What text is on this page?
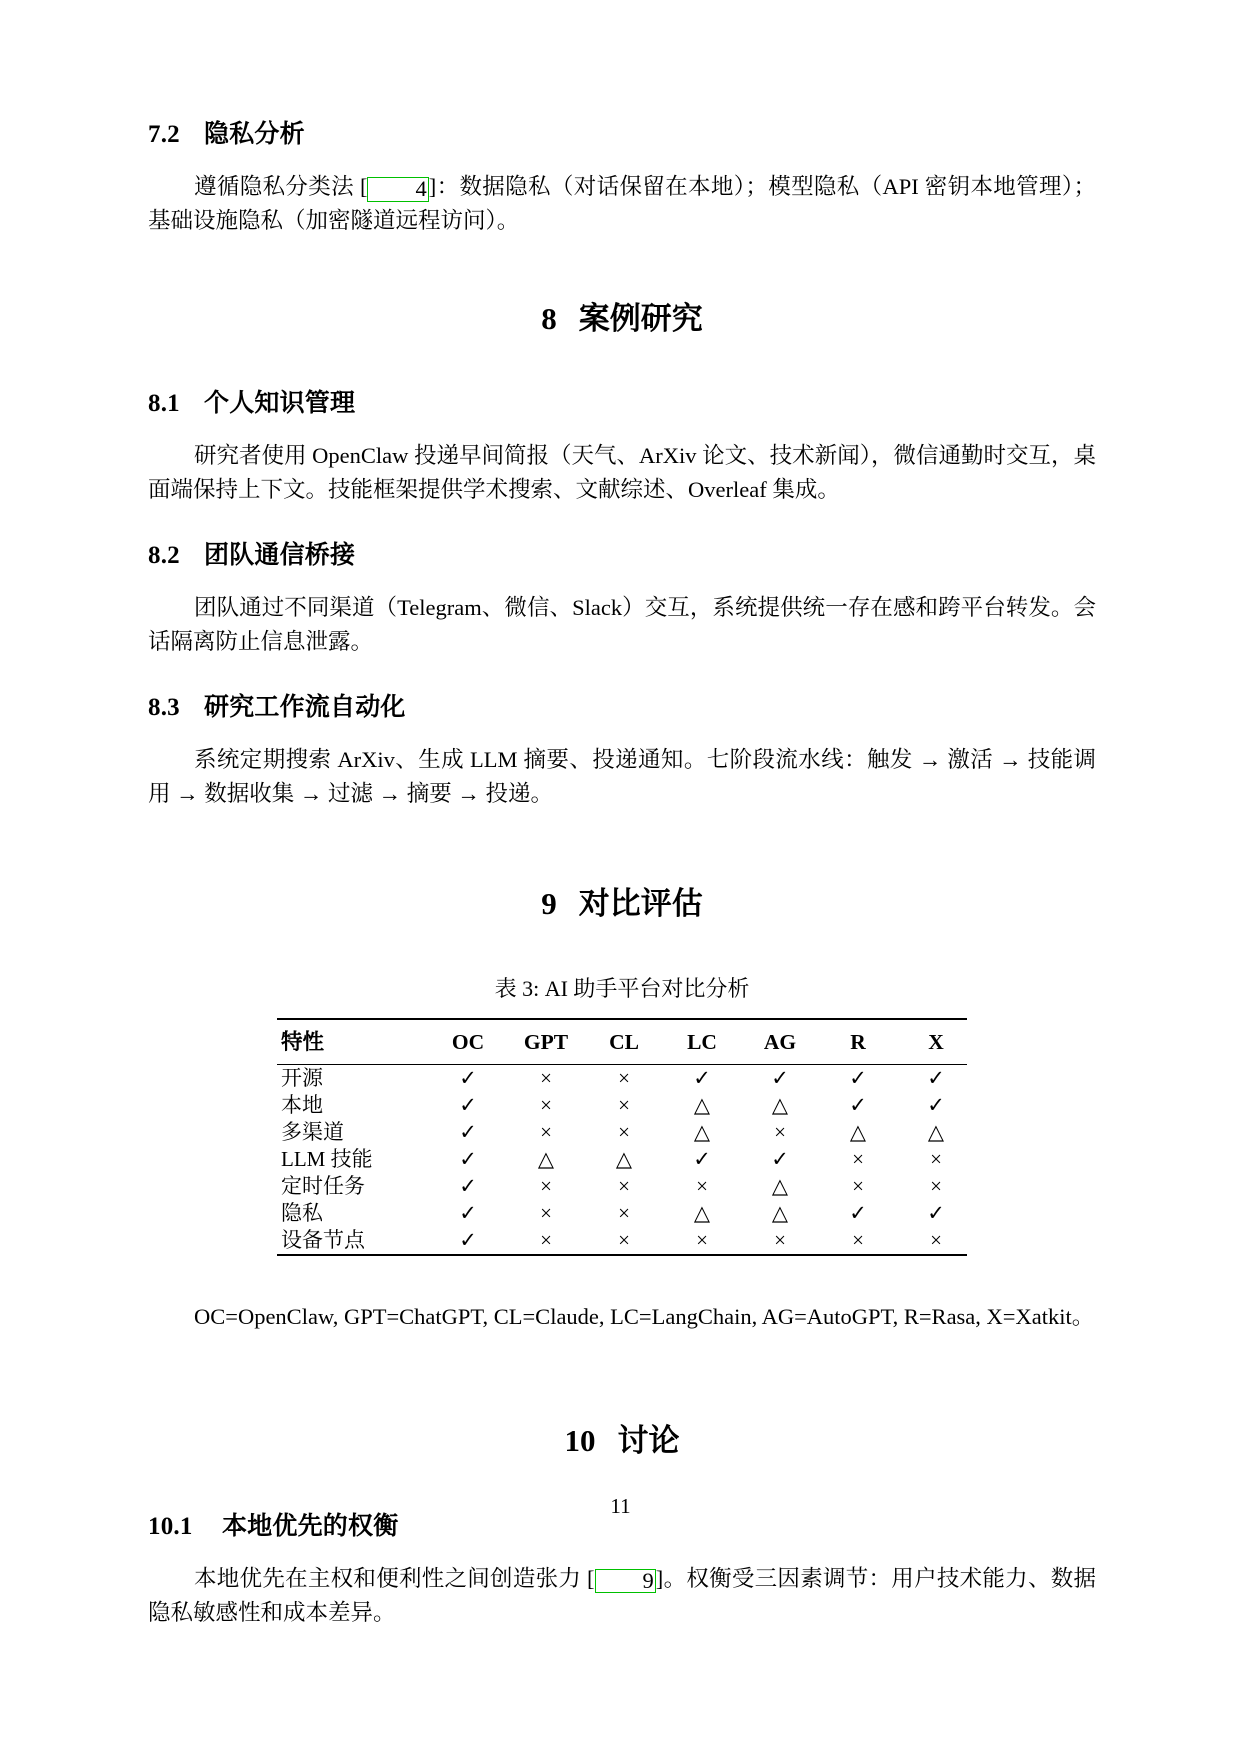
7.2 隐私分析

遵循隐私分类法 [ 4]：数据隐私（对话保留在本地）；模型隐私（API 密钥本地管理）；基础设施隐私（加密隧道远程访问）。

8 案例研究
8.1 个人知识管理

研究者使用 OpenClaw 投递早间简报（天气、ArXiv 论文、技术新闻），微信通勤时交互，桌面端保持上下文。技能框架提供学术搜索、文献综述、Overleaf 集成。

8.2 团队通信桥接

团队通过不同渠道（Telegram、微信、Slack）交互，系统提供统一存在感和跨平台转发。会话隔离防止信息泄露。

8.3 研究工作流自动化

系统定期搜索 ArXiv、生成 LLM 摘要、投递通知。七阶段流水线：触发 → 激活 → 技能调用 → 数据收集 → 过滤 → 摘要 → 投递。

9 对比评估
表 3: AI 助手平台对比分析
特性	OC	GPT	CL	LC	AG	R	X
开源	✓	×	×	✓	✓	✓	✓
本地	✓	×	×	△	△	✓	✓
多渠道	✓	×	×	△	×	△	△
LLM 技能	✓	△	△	✓	✓	×	×
定时任务	✓	×	×	×	△	×	×
隐私	✓	×	×	△	△	✓	✓
设备节点	✓	×	×	×	×	×	×

OC=OpenClaw, GPT=ChatGPT, CL=Claude, LC=LangChain, AG=AutoGPT, R=Rasa, X=Xatkit。

10 讨论
10.1 本地优先的权衡

本地优先在主权和便利性之间创造张力 [ 9]。权衡受三因素调节：用户技术能力、数据隐私敏感性和成本差异。

11
